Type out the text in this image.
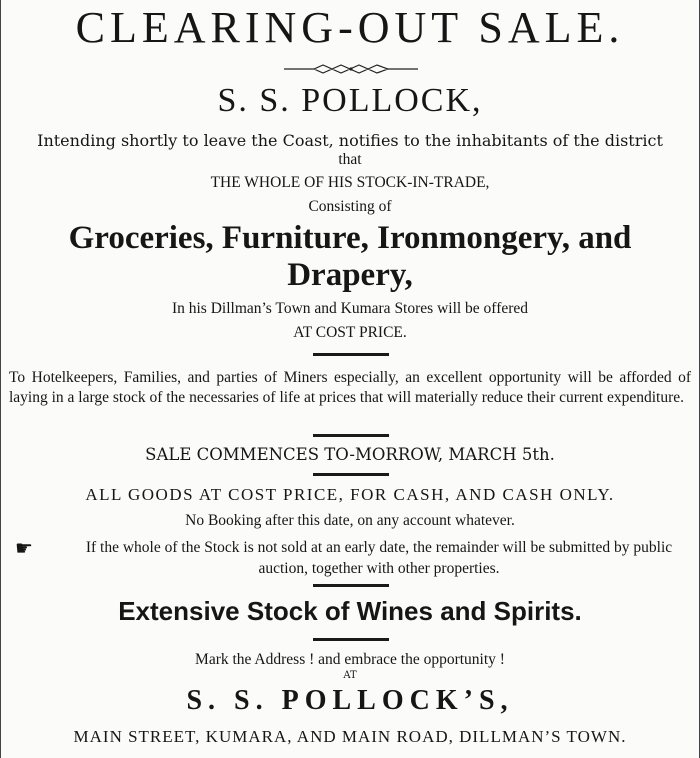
CLEARING-OUT SALE.
S. S. POLLOCK,
Intending shortly to leave the Coast, notifies to the inhabitants of the district
that
THE WHOLE OF HIS STOCK-IN-TRADE,
Consisting of
Groceries, Furniture, Ironmongery, and
Drapery,
In his Dillman’s Town and Kumara Stores will be offered
AT COST PRICE.
To Hotelkeepers, Families, and parties of Miners especially, an excellent opportunity will be afforded of laying in a large stock of the necessaries of life at prices that will materially reduce their current expenditure.
SALE COMMENCES TO-MORROW, MARCH 5th.
ALL GOODS AT COST PRICE, FOR CASH, AND CASH ONLY.
No Booking after this date, on any account whatever.
☛	If the whole of the Stock is not sold at an early date, the remainder will be submitted by public auction, together with other properties.
Extensive Stock of Wines and Spirits.
Mark the Address ! and embrace the opportunity !
AT
S. S. POLLOCK’S,
MAIN STREET, KUMARA, AND MAIN ROAD, DILLMAN’S TOWN.
